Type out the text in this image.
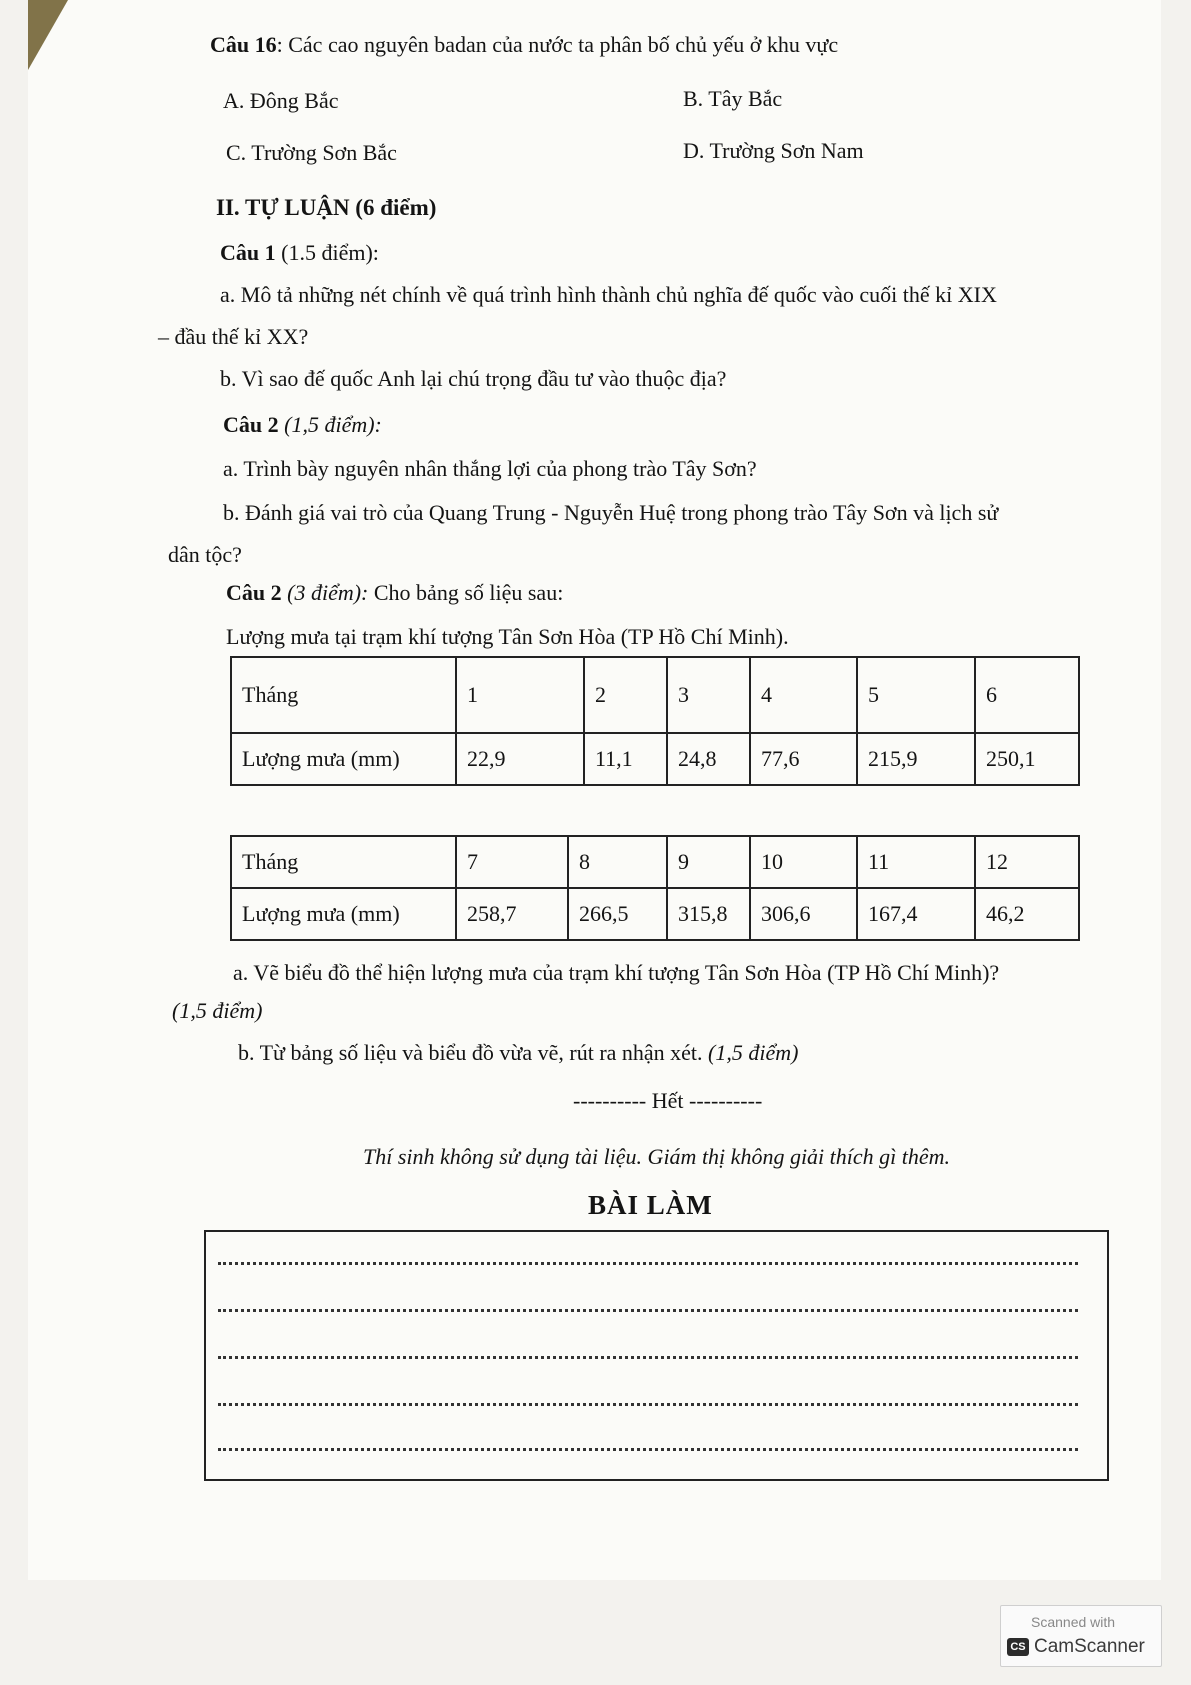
Câu 16: Các cao nguyên badan của nước ta phân bố chủ yếu ở khu vực
A. Đông Bắc	B. Tây Bắc
C. Trường Sơn Bắc	D. Trường Sơn Nam
II. TỰ LUẬN (6 điểm)
Câu 1 (1.5 điểm):
a. Mô tả những nét chính về quá trình hình thành chủ nghĩa đế quốc vào cuối thế kỉ XIX
– đầu thế kỉ XX?
b. Vì sao đế quốc Anh lại chú trọng đầu tư vào thuộc địa?
Câu 2 (1,5 điểm):
a. Trình bày nguyên nhân thắng lợi của phong trào Tây Sơn?
b. Đánh giá vai trò của Quang Trung - Nguyễn Huệ trong phong trào Tây Sơn và lịch sử
dân tộc?
Câu 2 (3 điểm): Cho bảng số liệu sau:
Lượng mưa tại trạm khí tượng Tân Sơn Hòa (TP Hồ Chí Minh).
Tháng	1	2	3	4	5	6
Lượng mưa (mm)	22,9	11,1	24,8	77,6	215,9	250,1
Tháng	7	8	9	10	11	12
Lượng mưa (mm)	258,7	266,5	315,8	306,6	167,4	46,2
a. Vẽ biểu đồ thể hiện lượng mưa của trạm khí tượng Tân Sơn Hòa (TP Hồ Chí Minh)?
(1,5 điểm)
b. Từ bảng số liệu và biểu đồ vừa vẽ, rút ra nhận xét. (1,5 điểm)
---------- Hết ----------
Thí sinh không sử dụng tài liệu. Giám thị không giải thích gì thêm.
BÀI LÀM
Scanned with
CS CamScanner
